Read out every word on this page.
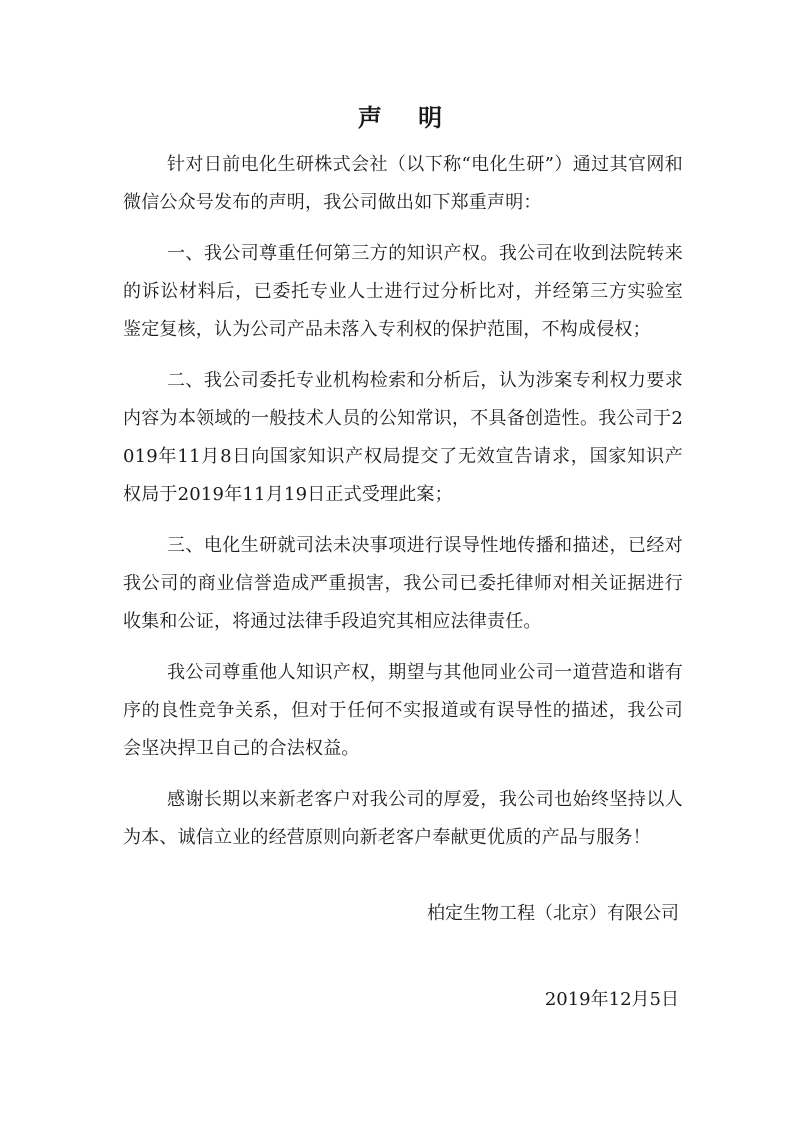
声 明

针对日前电化生研株式会社（以下称“电化生研”）通过其官网和微信公众号发布的声明，我公司做出如下郑重声明：

一、我公司尊重任何第三方的知识产权。我公司在收到法院转来的诉讼材料后，已委托专业人士进行过分析比对，并经第三方实验室鉴定复核，认为公司产品未落入专利权的保护范围，不构成侵权；

二、我公司委托专业机构检索和分析后，认为涉案专利权力要求内容为本领域的一般技术人员的公知常识，不具备创造性。我公司于2019年11月8日向国家知识产权局提交了无效宣告请求，国家知识产权局于2019年11月19日正式受理此案；

三、电化生研就司法未决事项进行误导性地传播和描述，已经对我公司的商业信誉造成严重损害，我公司已委托律师对相关证据进行收集和公证，将通过法律手段追究其相应法律责任。

我公司尊重他人知识产权，期望与其他同业公司一道营造和谐有序的良性竞争关系，但对于任何不实报道或有误导性的描述，我公司会坚决捍卫自己的合法权益。

感谢长期以来新老客户对我公司的厚爱，我公司也始终坚持以人为本、诚信立业的经营原则向新老客户奉献更优质的产品与服务！

柏定生物工程（北京）有限公司

2019年12月5日
